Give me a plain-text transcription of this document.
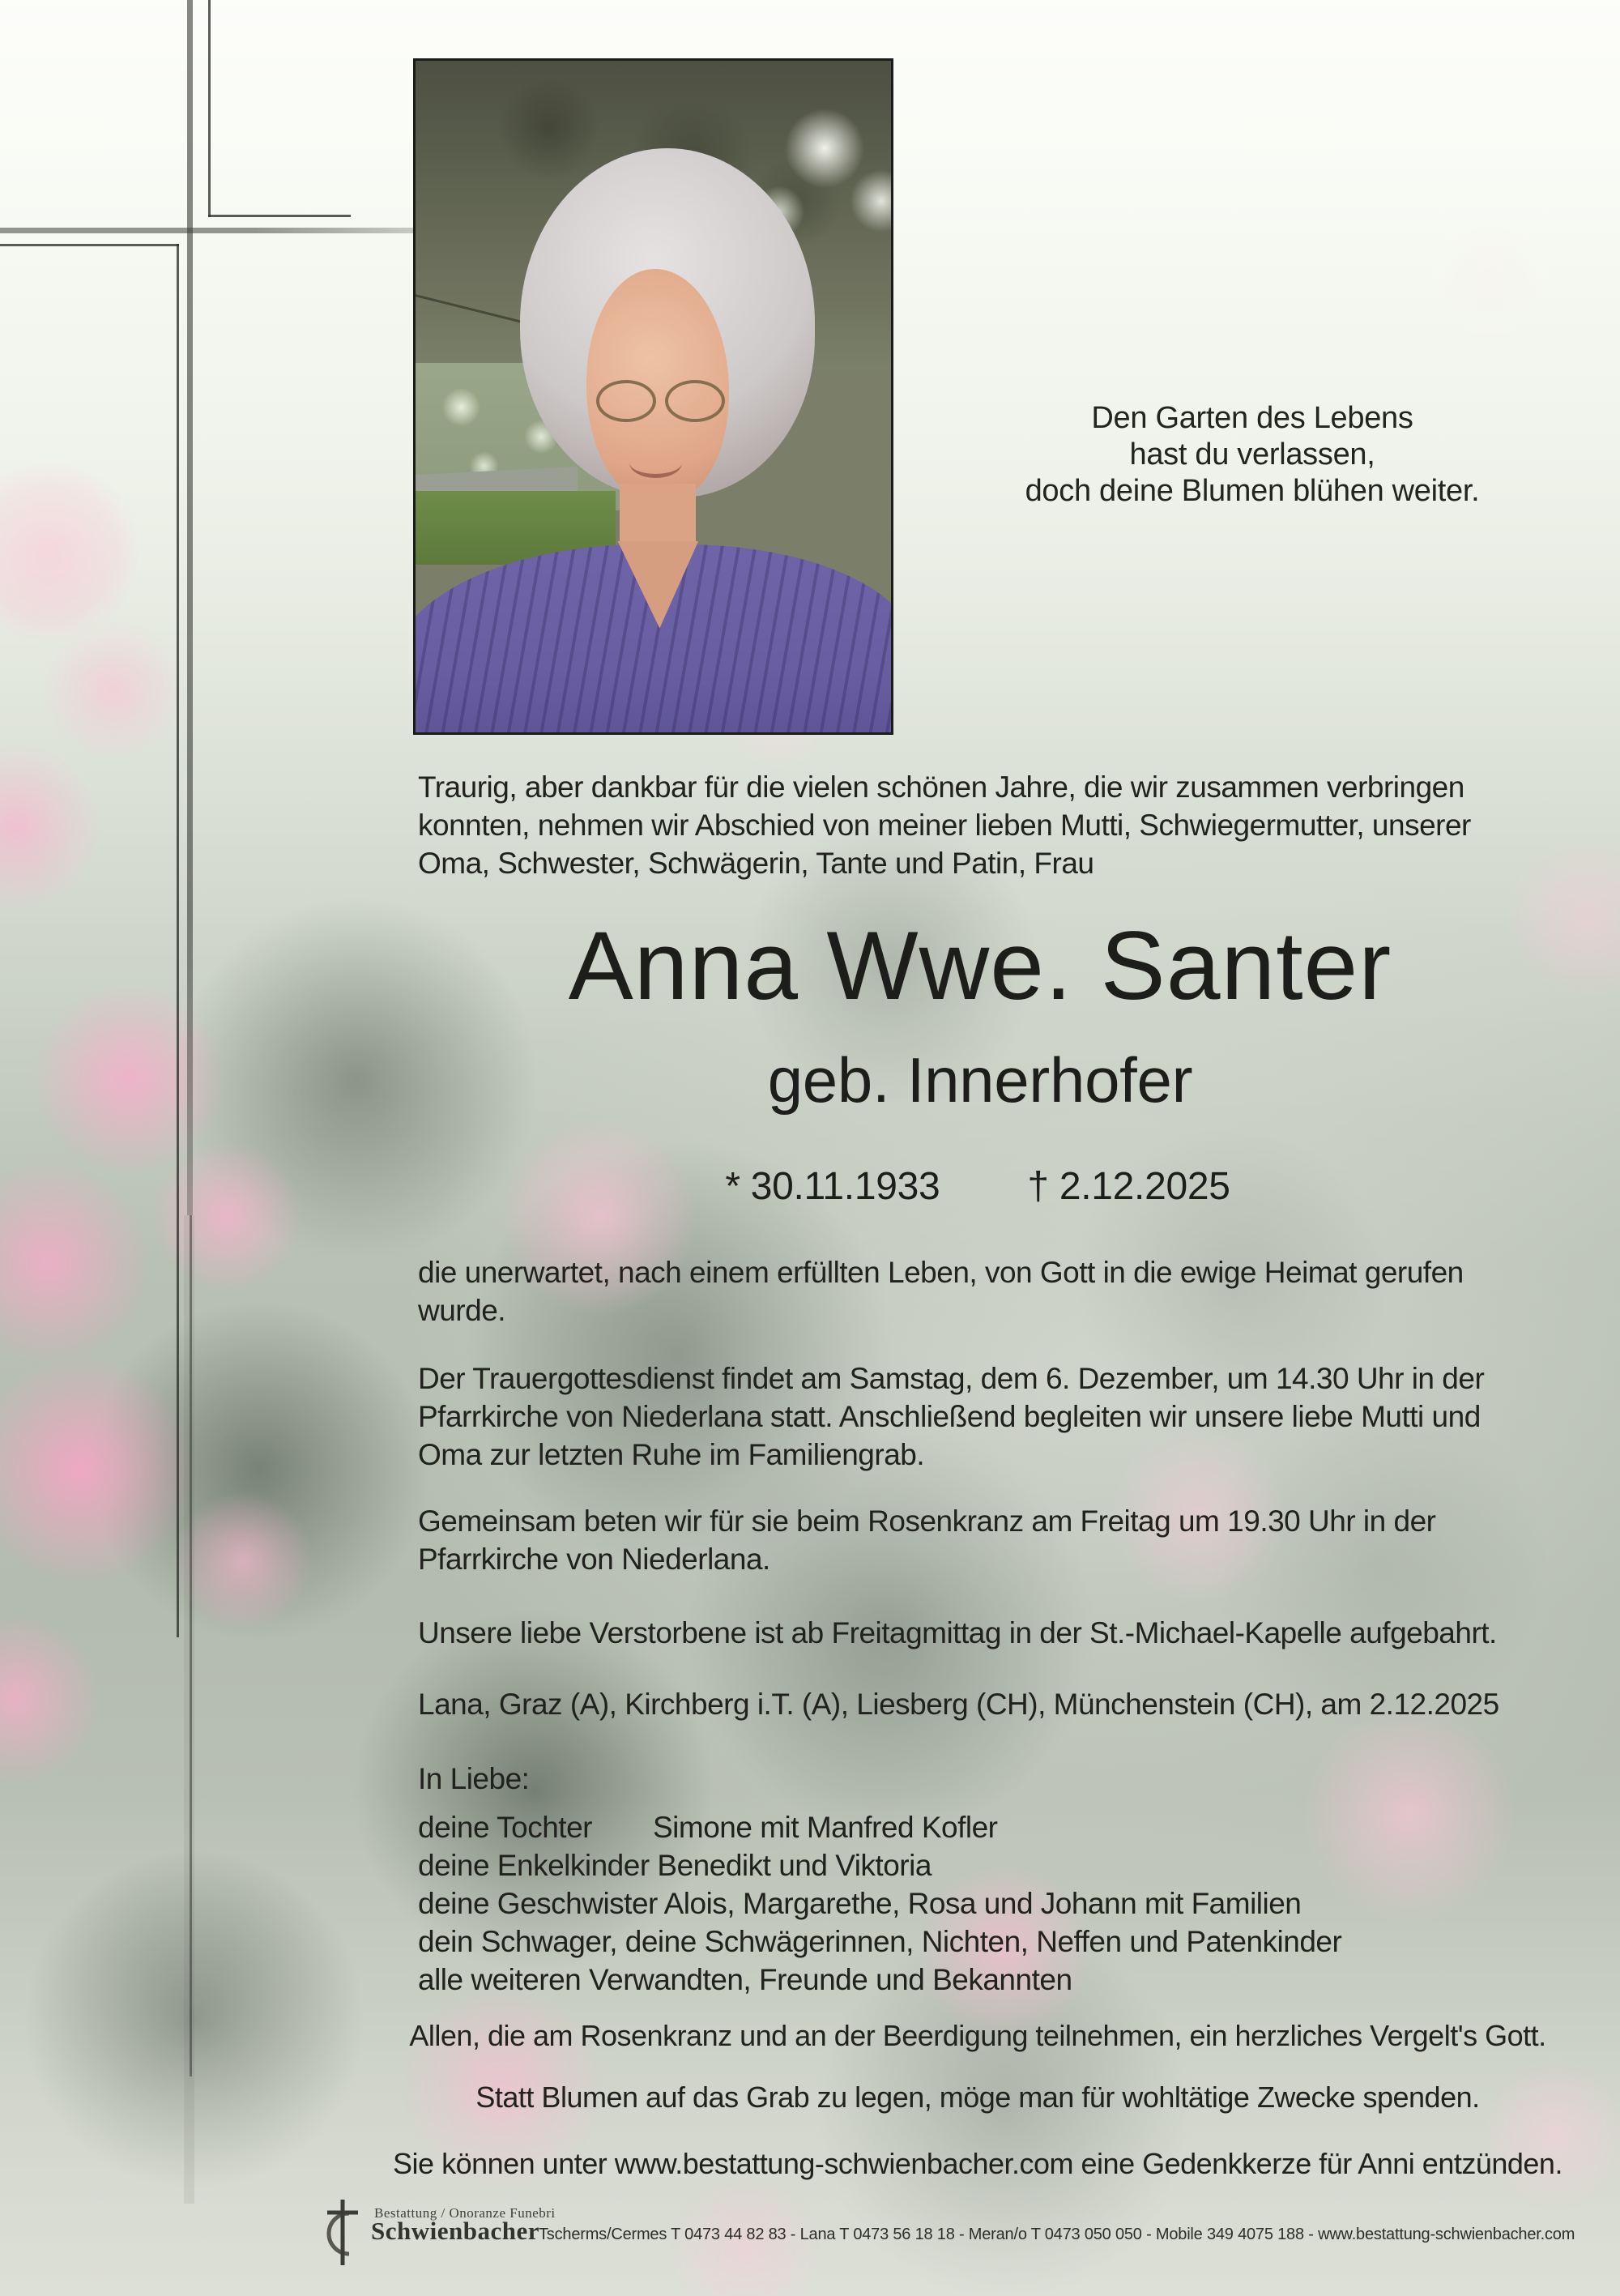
Den Garten des Lebens
hast du verlassen,
doch deine Blumen blühen weiter.
Traurig, aber dankbar für die vielen schönen Jahre, die wir zusammen verbringen konnten, nehmen wir Abschied von meiner lieben Mutti, Schwiegermutter, unserer Oma, Schwester, Schwägerin, Tante und Patin, Frau
Anna Wwe. Santer
geb. Innerhofer
* 30.11.1933 † 2.12.2025
die unerwartet, nach einem erfüllten Leben, von Gott in die ewige Heimat gerufen wurde.
Der Trauergottesdienst findet am Samstag, dem 6. Dezember, um 14.30 Uhr in der Pfarrkirche von Niederlana statt. Anschließend begleiten wir unsere liebe Mutti und Oma zur letzten Ruhe im Familiengrab.
Gemeinsam beten wir für sie beim Rosenkranz am Freitag um 19.30 Uhr in der Pfarrkirche von Niederlana.
Unsere liebe Verstorbene ist ab Freitagmittag in der St.-Michael-Kapelle aufgebahrt.
Lana, Graz (A), Kirchberg i.T. (A), Liesberg (CH), Münchenstein (CH), am 2.12.2025
In Liebe:
deine Tochter Simone mit Manfred Kofler
deine Enkelkinder Benedikt und Viktoria
deine Geschwister Alois, Margarethe, Rosa und Johann mit Familien
dein Schwager, deine Schwägerinnen, Nichten, Neffen und Patenkinder
alle weiteren Verwandten, Freunde und Bekannten
Allen, die am Rosenkranz und an der Beerdigung teilnehmen, ein herzliches Vergelt's Gott.
Statt Blumen auf das Grab zu legen, möge man für wohltätige Zwecke spenden.
Sie können unter www.bestattung-schwienbacher.com eine Gedenkkerze für Anni entzünden.
Bestattung / Onoranze Funebri
Schwienbacher Tscherms/Cermes T 0473 44 82 83 - Lana T 0473 56 18 18 - Meran/o T 0473 050 050 - Mobile 349 4075 188 - www.bestattung-schwienbacher.com
